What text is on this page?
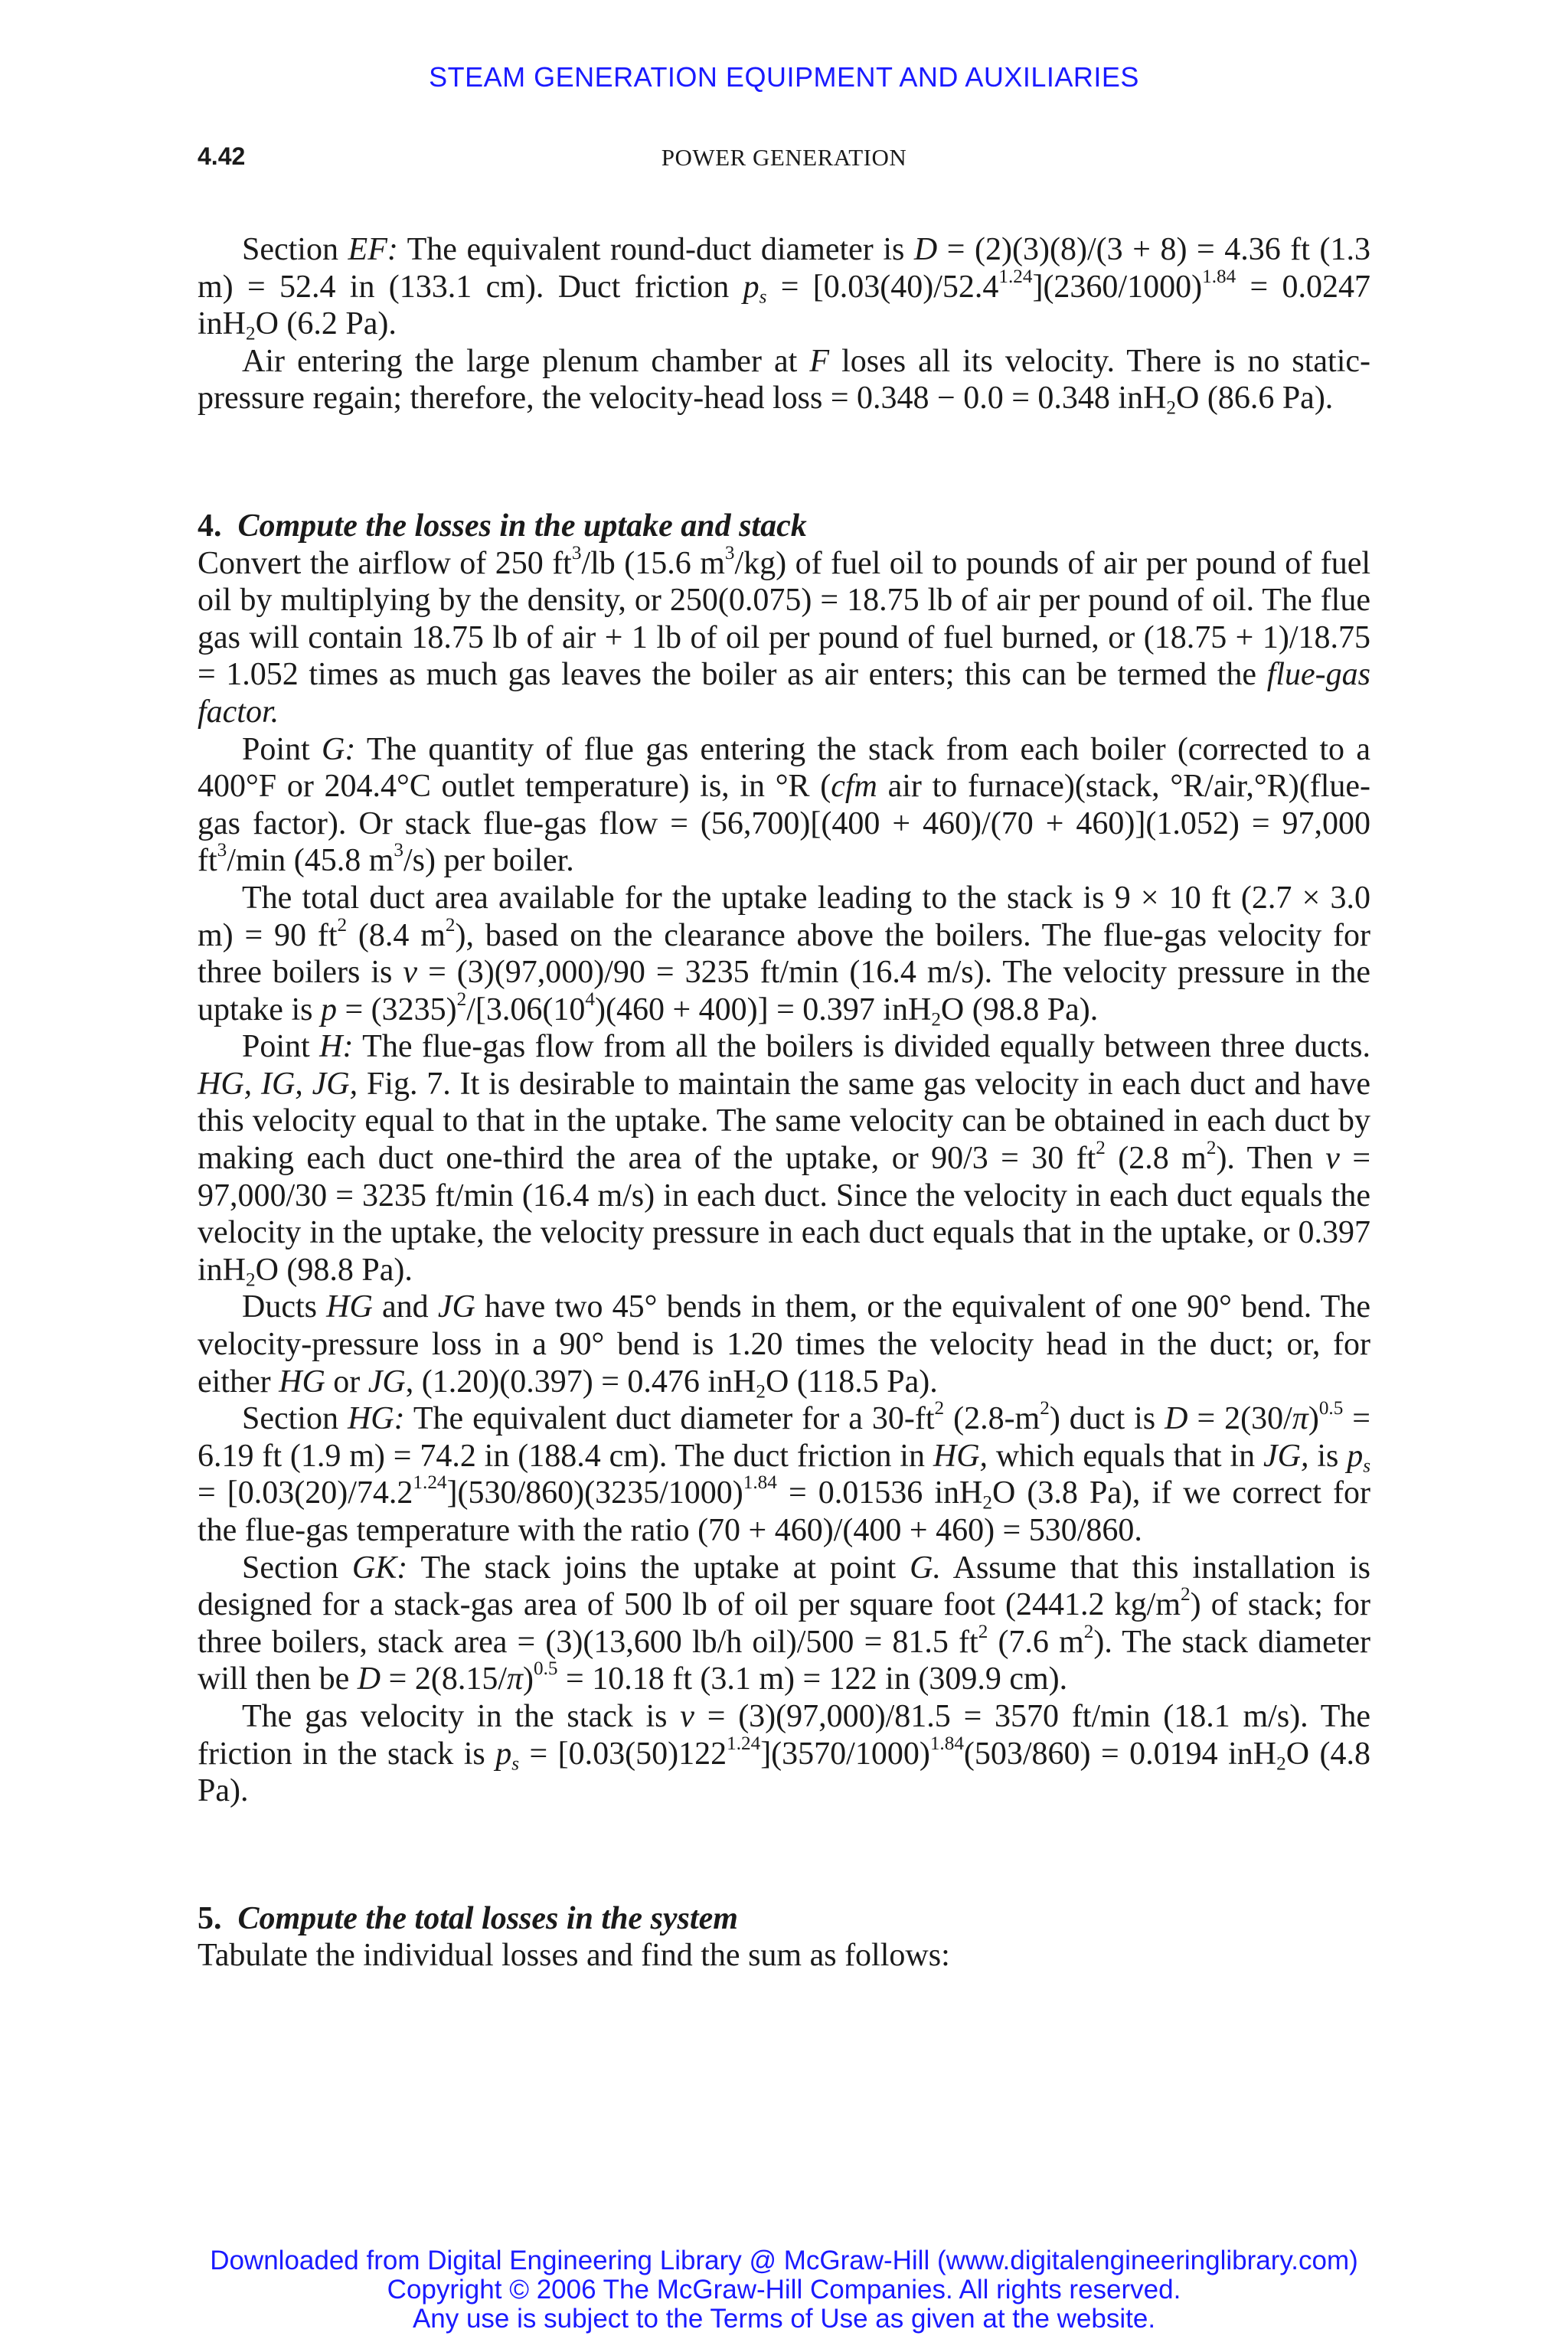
STEAM GENERATION EQUIPMENT AND AUXILIARIES
4.42	POWER GENERATION

Section EF: The equivalent round-duct diameter is D = (2)(3)(8)/(3 + 8) = 4.36 ft (1.3 m) = 52.4 in (133.1 cm). Duct friction $p_s = [0.03(40)/52.4^{1.24}](2360/1000)^{1.84} = 0.0247$ inH$_2$O (6.2 Pa).

Air entering the large plenum chamber at F loses all its velocity. There is no static-pressure regain; therefore, the velocity-head loss = 0.348 − 0.0 = 0.348 inH$_2$O (86.6 Pa).

4. Compute the losses in the uptake and stack

Convert the airflow of 250 $ft^3/lb$ (15.6 $m^3/kg$) of fuel oil to pounds of air per pound of fuel oil by multiplying by the density, or 250(0.075) = 18.75 lb of air per pound of oil. The flue gas will contain 18.75 lb of air + 1 lb of oil per pound of fuel burned, or (18.75 + 1)/18.75 = 1.052 times as much gas leaves the boiler as air enters; this can be termed the flue-gas factor.

Point G: The quantity of flue gas entering the stack from each boiler (corrected to a 400°F or 204.4°C outlet temperature) is, in °R (cfm air to furnace)(stack, °R/air,°R)(flue-gas factor). Or stack flue-gas flow = (56,700)[(400 + 460)/(70 + 460)](1.052) = 97,000 $ft^3/\min$ (45.8 $m^3/s$) per boiler.

The total duct area available for the uptake leading to the stack is 9 × 10 ft (2.7 × 3.0 m) = 90 $ft^2$ (8.4 $m^2$), based on the clearance above the boilers. The flue-gas velocity for three boilers is v = (3)(97,000)/90 = 3235 ft/min (16.4 m/s). The velocity pressure in the uptake is $p = (3235)^2/[3.06(10^4)(460 + 400)] = 0.397$ inH$_2$O (98.8 Pa).

Point H: The flue-gas flow from all the boilers is divided equally between three ducts. HG, IG, JG, Fig. 7. It is desirable to maintain the same gas velocity in each duct and have this velocity equal to that in the uptake. The same velocity can be obtained in each duct by making each duct one-third the area of the uptake, or 90/3 = 30 $ft^2$ (2.8 $m^2$). Then v = 97,000/30 = 3235 ft/min (16.4 m/s) in each duct. Since the velocity in each duct equals the velocity in the uptake, the velocity pressure in each duct equals that in the uptake, or 0.397 inH$_2$O (98.8 Pa).

Ducts HG and JG have two 45° bends in them, or the equivalent of one 90° bend. The velocity-pressure loss in a 90° bend is 1.20 times the velocity head in the duct; or, for either HG or JG, (1.20)(0.397) = 0.476 inH$_2$O (118.5 Pa).

Section HG: The equivalent duct diameter for a $30-ft^2$ $(2.8-m^2)$ duct is $D = 2(30/\pi)^{0.5} = 6.19$ ft (1.9 m) = 74.2 in (188.4 cm). The duct friction in HG, which equals that in JG, is $p_s = [0.03(20)/74.2^{1.24}](530/860)(3235/1000)^{1.84} = 0.01536$ inH$_2$O (3.8 Pa), if we correct for the flue-gas temperature with the ratio (70 + 460)/(400 + 460) = 530/860.

Section GK: The stack joins the uptake at point G. Assume that this installation is designed for a stack-gas area of 500 lb of oil per square foot (2441.2 $kg/m^2$) of stack; for three boilers, stack area = (3)(13,600 lb/h oil)/500 = 81.5 $ft^2$ (7.6 $m^2$). The stack diameter will then be $D = 2(8.15/\pi)^{0.5} = 10.18$ ft (3.1 m) = 122 in (309.9 cm).

The gas velocity in the stack is v = (3)(97,000)/81.5 = 3570 ft/min (18.1 m/s). The friction in the stack is $p_s = [0.03(50)122^{1.24}](3570/1000)^{1.84}(503/860) = 0.0194$ inH$_2$O (4.8 Pa).

5. Compute the total losses in the system

Tabulate the individual losses and find the sum as follows:

Downloaded from Digital Engineering Library @ McGraw-Hill (www.digitalengineeringlibrary.com)
Copyright © 2006 The McGraw-Hill Companies. All rights reserved.
Any use is subject to the Terms of Use as given at the website.
